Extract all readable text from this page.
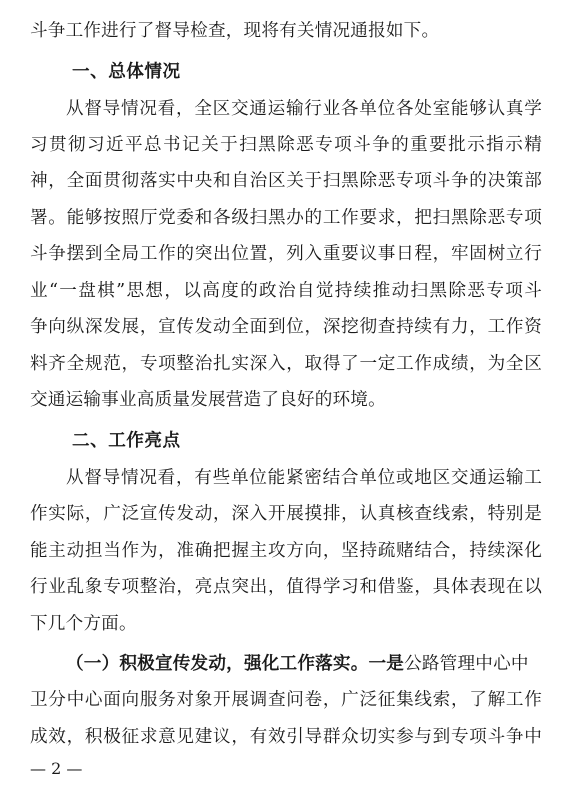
斗争工作进行了督导检查，现将有关情况通报如下。
一、总体情况
从督导情况看，全区交通运输行业各单位各处室能够认真学
习贯彻习近平总书记关于扫黑除恶专项斗争的重要批示指示精
神，全面贯彻落实中央和自治区关于扫黑除恶专项斗争的决策部
署。能够按照厅党委和各级扫黑办的工作要求，把扫黑除恶专项
斗争摆到全局工作的突出位置，列入重要议事日程，牢固树立行
业“一盘棋”思想，以高度的政治自觉持续推动扫黑除恶专项斗
争向纵深发展，宣传发动全面到位，深挖彻查持续有力，工作资
料齐全规范，专项整治扎实深入，取得了一定工作成绩，为全区
交通运输事业高质量发展营造了良好的环境。
二、工作亮点
从督导情况看，有些单位能紧密结合单位或地区交通运输工
作实际，广泛宣传发动，深入开展摸排，认真核查线索，特别是
能主动担当作为，准确把握主攻方向，坚持疏赌结合，持续深化
行业乱象专项整治，亮点突出，值得学习和借鉴，具体表现在以
下几个方面。
（一）积极宣传发动，强化工作落实。一是公路管理中心中
卫分中心面向服务对象开展调查问卷，广泛征集线索，了解工作
成效，积极征求意见建议，有效引导群众切实参与到专项斗争中
— 2 —
